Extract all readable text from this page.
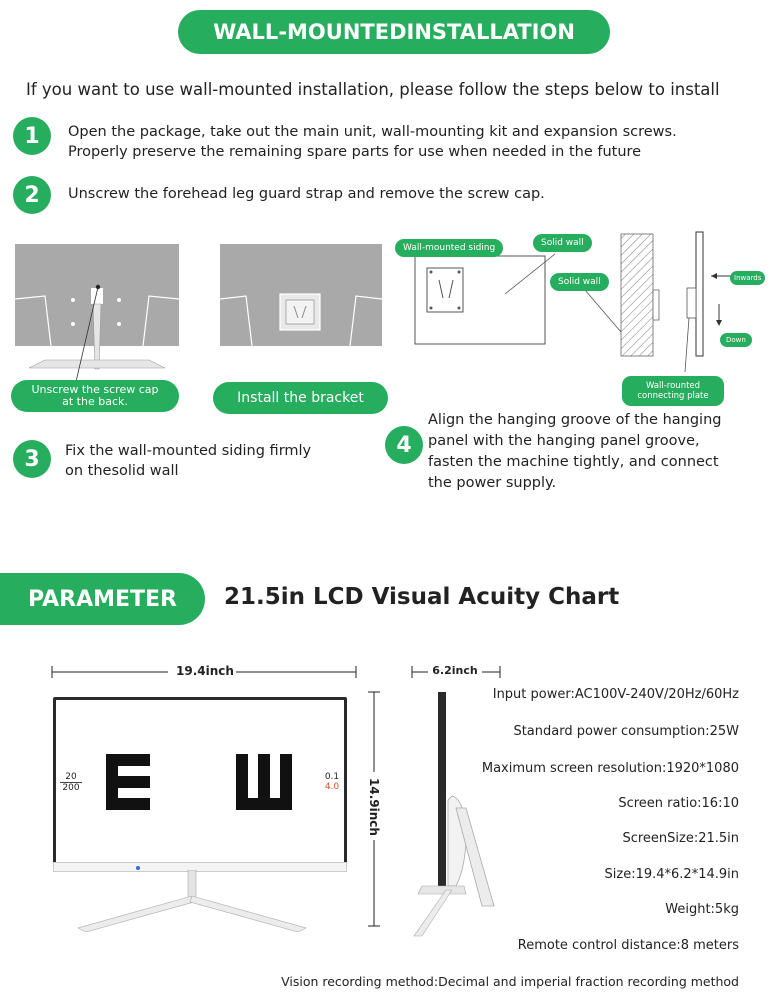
WALL-MOUNTEDINSTALLATION
If you want to use wall-mounted installation, please follow the steps below to install
1 Open the package, take out the main unit, wall-mounting kit and expansion screws.
Properly preserve the remaining spare parts for use when needed in the future
2 Unscrew the forehead leg guard strap and remove the screw cap.
Unscrew the screw cap
at the back.	Install the bracket
3 Fix the wall-mounted siding firmly
on thesolid wall
Wall-mounted siding	Solid wall
Solid wall	Inwards
Down
Wall-rounted
connecting plate
4
Align the hanging groove of the hanging
panel with the hanging panel groove,
fasten the machine tightly, and connect
the power supply.
PARAMETER 21.5in LCD Visual Acuity Chart
19.4inch
20
200
0.1
4.0 14.9inch
6.2inch
Input power:AC100V-240V/20Hz/60Hz
Standard power consumption:25W
Maximum screen resolution:1920*1080
Screen ratio:16:10
ScreenSize:21.5in
Size:19.4*6.2*14.9in
Weight:5kg
Remote control distance:8 meters
Vision recording method:Decimal and imperial fraction recording method
